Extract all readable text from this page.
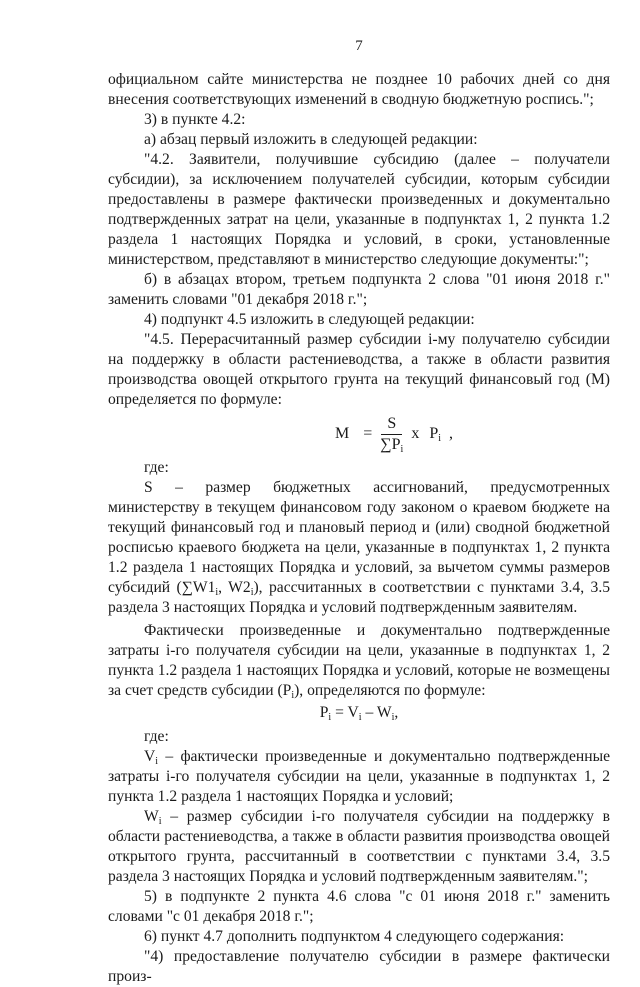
7

официальном сайте министерства не позднее 10 рабочих дней со дня внесения соответствующих изменений в сводную бюджетную роспись.";

3) в пункте 4.2:

а) абзац первый изложить в следующей редакции:

"4.2. Заявители, получившие субсидию (далее – получатели субсидии), за исключением получателей субсидии, которым субсидии предоставлены в размере фактически произведенных и документально подтвержденных затрат на цели, указанные в подпунктах 1, 2 пункта 1.2 раздела 1 настоящих Порядка и условий, в сроки, установленные министерством, представляют в министерство следующие документы:";

б) в абзацах втором, третьем подпункта 2 слова "01 июня 2018 г." заменить словами "01 декабря 2018 г.";

4) подпункт 4.5 изложить в следующей редакции:

"4.5. Перерасчитанный размер субсидии i-му получателю субсидии на поддержку в области растениеводства, а также в области развития производства овощей открытого грунта на текущий финансовый год (М) определяется по формуле:

$M = \frac{S}{\sum P_i}$ x $P_i$ ,

где:

S – размер бюджетных ассигнований, предусмотренных министерству в текущем финансовом году законом о краевом бюджете на текущий финансовый год и плановый период и (или) сводной бюджетной росписью краевого бюджета на цели, указанные в подпунктах 1, 2 пункта 1.2 раздела 1 настоящих Порядка и условий, за вычетом суммы размеров субсидий ($\sum W1_i$, $W2_i$), рассчитанных в соответствии с пунктами 3.4, 3.5 раздела 3 настоящих Порядка и условий подтвержденным заявителям.

Фактически произведенные и документально подтвержденные затраты i-го получателя субсидии на цели, указанные в подпунктах 1, 2 пункта 1.2 раздела 1 настоящих Порядка и условий, которые не возмещены за счет средств субсидии $(P_i)$, определяются по формуле:

$P_i = V_i - W_i$,

где:

$V_i$ – фактически произведенные и документально подтвержденные затраты i-го получателя субсидии на цели, указанные в подпунктах 1, 2 пункта 1.2 раздела 1 настоящих Порядка и условий;

$W_i$ – размер субсидии i-го получателя субсидии на поддержку в области растениеводства, а также в области развития производства овощей открытого грунта, рассчитанный в соответствии с пунктами 3.4, 3.5 раздела 3 настоящих Порядка и условий подтвержденным заявителям.";

5) в подпункте 2 пункта 4.6 слова "с 01 июня 2018 г." заменить словами "с 01 декабря 2018 г.";

6) пункт 4.7 дополнить подпунктом 4 следующего содержания:

"4) предоставление получателю субсидии в размере фактически произ-
